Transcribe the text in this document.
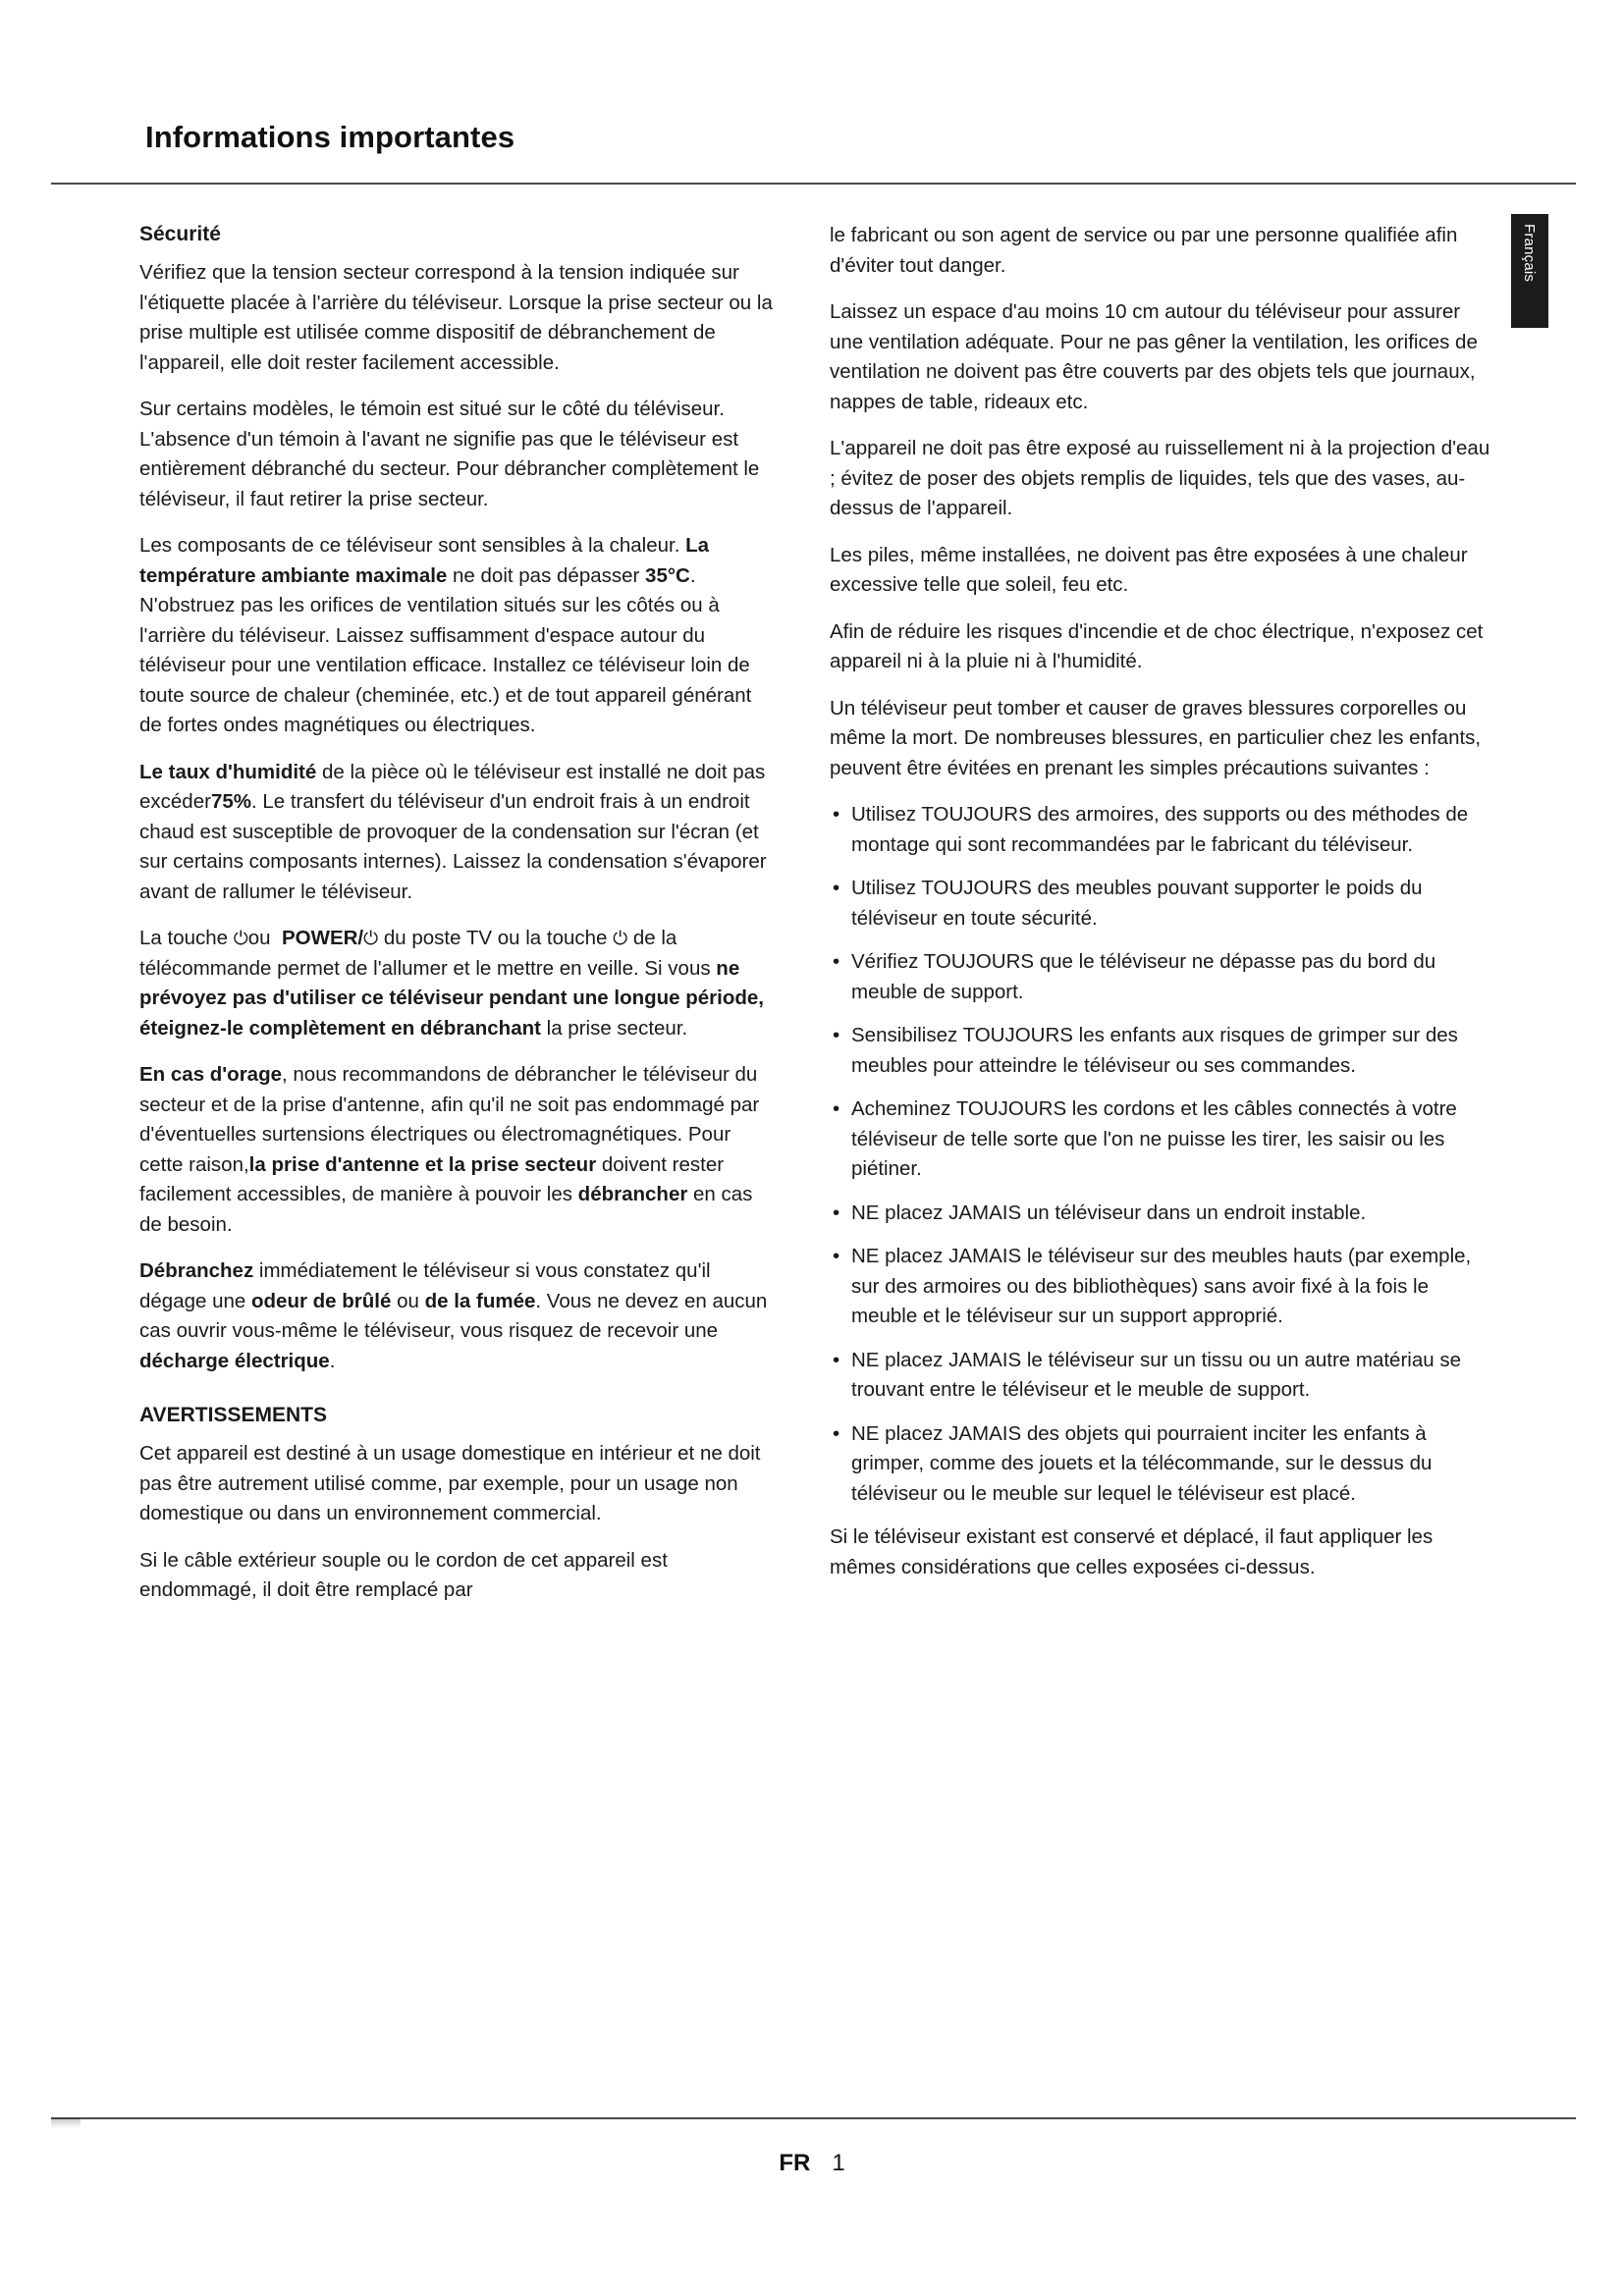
Informations importantes
Français
Sécurité

Vérifiez que la tension secteur correspond à la tension indiquée sur l'étiquette placée à l'arrière du téléviseur. Lorsque la prise secteur ou la prise multiple est utilisée comme dispositif de débranchement de l'appareil, elle doit rester facilement accessible.

Sur certains modèles, le témoin est situé sur le côté du téléviseur. L'absence d'un témoin à l'avant ne signifie pas que le téléviseur est entièrement débranché du secteur. Pour débrancher complètement le téléviseur, il faut retirer la prise secteur.

Les composants de ce téléviseur sont sensibles à la chaleur. La température ambiante maximale ne doit pas dépasser 35°C. N'obstruez pas les orifices de ventilation situés sur les côtés ou à l'arrière du téléviseur. Laissez suffisamment d'espace autour du téléviseur pour une ventilation efficace. Installez ce téléviseur loin de toute source de chaleur (cheminée, etc.) et de tout appareil générant de fortes ondes magnétiques ou électriques.

Le taux d'humidité de la pièce où le téléviseur est installé ne doit pas excéder75%. Le transfert du téléviseur d'un endroit frais à un endroit chaud est susceptible de provoquer de la condensation sur l'écran (et sur certains composants internes). Laissez la condensation s'évaporer avant de rallumer le téléviseur.

La touche ⏻ou  POWER/⏻ du poste TV ou la touche ⏻ de la télécommande permet de l'allumer et le mettre en veille. Si vous ne prévoyez pas d'utiliser ce téléviseur pendant une longue période, éteignez-le complètement en débranchant la prise secteur.

En cas d'orage, nous recommandons de débrancher le téléviseur du secteur et de la prise d'antenne, afin qu'il ne soit pas endommagé par d'éventuelles surtensions électriques ou électromagnétiques. Pour cette raison,la prise d'antenne et la prise secteur doivent rester facilement accessibles, de manière à pouvoir les débrancher en cas de besoin.

Débranchez immédiatement le téléviseur si vous constatez qu'il dégage une odeur de brûlé ou de la fumée. Vous ne devez en aucun cas ouvrir vous-même le téléviseur, vous risquez de recevoir une décharge électrique.

AVERTISSEMENTS

Cet appareil est destiné à un usage domestique en intérieur et ne doit pas être autrement utilisé comme, par exemple, pour un usage non domestique ou dans un environnement commercial.

Si le câble extérieur souple ou le cordon de cet appareil est endommagé, il doit être remplacé par

le fabricant ou son agent de service ou par une personne qualifiée afin d'éviter tout danger.

Laissez un espace d'au moins 10 cm autour du téléviseur pour assurer une ventilation adéquate. Pour ne pas gêner la ventilation, les orifices de ventilation ne doivent pas être couverts par des objets tels que journaux, nappes de table, rideaux etc.

L'appareil ne doit pas être exposé au ruissellement ni à la projection d'eau ; évitez de poser des objets remplis de liquides, tels que des vases, au-dessus de l'appareil.

Les piles, même installées, ne doivent pas être exposées à une chaleur excessive telle que soleil, feu etc.

Afin de réduire les risques d'incendie et de choc électrique, n'exposez cet appareil ni à la pluie ni à l'humidité.

Un téléviseur peut tomber et causer de graves blessures corporelles ou même la mort. De nombreuses blessures, en particulier chez les enfants, peuvent être évitées en prenant les simples précautions suivantes :

• Utilisez TOUJOURS des armoires, des supports ou des méthodes de montage qui sont recommandées par le fabricant du téléviseur.
• Utilisez TOUJOURS des meubles pouvant supporter le poids du téléviseur en toute sécurité.
• Vérifiez TOUJOURS que le téléviseur ne dépasse pas du bord du meuble de support.
• Sensibilisez TOUJOURS les enfants aux risques de grimper sur des meubles pour atteindre le téléviseur ou ses commandes.
• Acheminez TOUJOURS les cordons et les câbles connectés à votre téléviseur de telle sorte que l'on ne puisse les tirer, les saisir ou les piétiner.
• NE placez JAMAIS un téléviseur dans un endroit instable.
• NE placez JAMAIS le téléviseur sur des meubles hauts (par exemple, sur des armoires ou des bibliothèques) sans avoir fixé à la fois le meuble et le téléviseur sur un support approprié.
• NE placez JAMAIS le téléviseur sur un tissu ou un autre matériau se trouvant entre le téléviseur et le meuble de support.
• NE placez JAMAIS des objets qui pourraient inciter les enfants à grimper, comme des jouets et la télécommande, sur le dessus du téléviseur ou le meuble sur lequel le téléviseur est placé.

Si le téléviseur existant est conservé et déplacé, il faut appliquer les mêmes considérations que celles exposées ci-dessus.

FR 1
